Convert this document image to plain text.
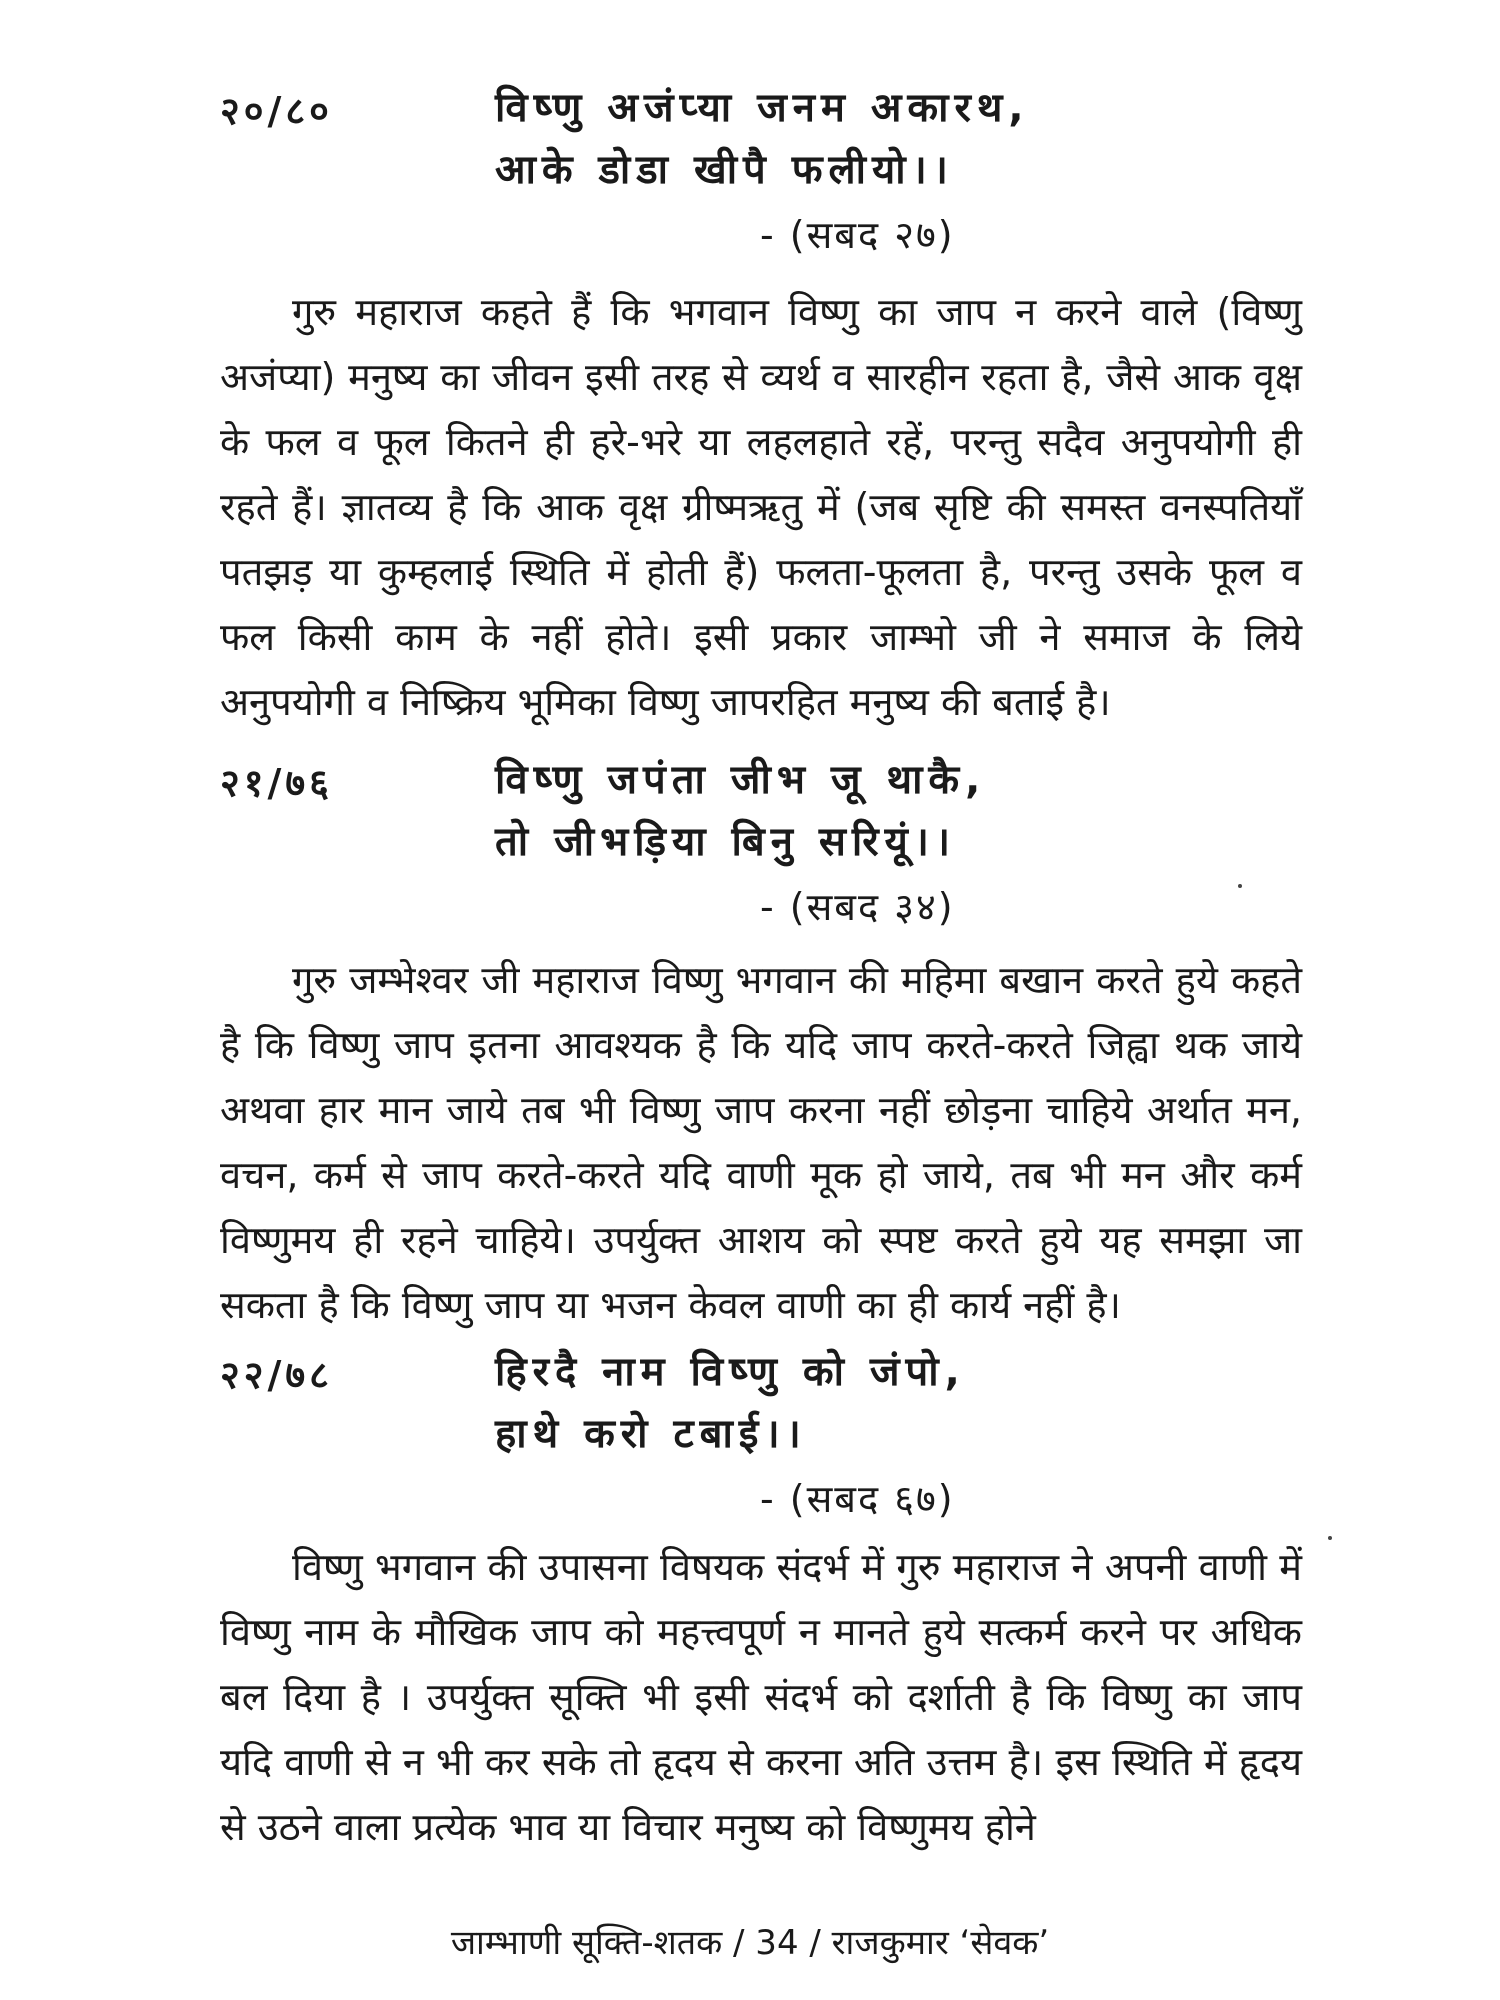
२०/८०	विष्णु अजंप्या जनम अकारथ,
आके डोडा खीपै फलीयो।।
- (सबद २७)

गुरु महाराज कहते हैं कि भगवान विष्णु का जाप न करने वाले (विष्णु अजंप्या) मनुष्य का जीवन इसी तरह से व्यर्थ व सारहीन रहता है, जैसे आक वृक्ष के फल व फूल कितने ही हरे-भरे या लहलहाते रहें, परन्तु सदैव अनुपयोगी ही रहते हैं। ज्ञातव्य है कि आक वृक्ष ग्रीष्मऋतु में (जब सृष्टि की समस्त वनस्पतियाँ पतझड़ या कुम्हलाई स्थिति में होती हैं) फलता-फूलता है, परन्तु उसके फूल व फल किसी काम के नहीं होते। इसी प्रकार जाम्भो जी ने समाज के लिये अनुपयोगी व निष्क्रिय भूमिका विष्णु जापरहित मनुष्य की बताई है।

२१/७६	विष्णु जपंता जीभ जू थाकै,
तो जीभड़िया बिनु सरियूं।।
- (सबद ३४)

गुरु जम्भेश्वर जी महाराज विष्णु भगवान की महिमा बखान करते हुये कहते है कि विष्णु जाप इतना आवश्यक है कि यदि जाप करते-करते जिह्वा थक जाये अथवा हार मान जाये तब भी विष्णु जाप करना नहीं छोड़ना चाहिये अर्थात मन, वचन, कर्म से जाप करते-करते यदि वाणी मूक हो जाये, तब भी मन और कर्म विष्णुमय ही रहने चाहिये। उपर्युक्त आशय को स्पष्ट करते हुये यह समझा जा सकता है कि विष्णु जाप या भजन केवल वाणी का ही कार्य नहीं है।

२२/७८	हिरदै नाम विष्णु को जंपो,
हाथे करो टबाई।।
- (सबद ६७)

विष्णु भगवान की उपासना विषयक संदर्भ में गुरु महाराज ने अपनी वाणी में विष्णु नाम के मौखिक जाप को महत्त्वपूर्ण न मानते हुये सत्कर्म करने पर अधिक बल दिया है । उपर्युक्त सूक्ति भी इसी संदर्भ को दर्शाती है कि विष्णु का जाप यदि वाणी से न भी कर सके तो हृदय से करना अति उत्तम है। इस स्थिति में हृदय से उठने वाला प्रत्येक भाव या विचार मनुष्य को विष्णुमय होने

जाम्भाणी सूक्ति-शतक / 34 / राजकुमार ‘सेवक’
